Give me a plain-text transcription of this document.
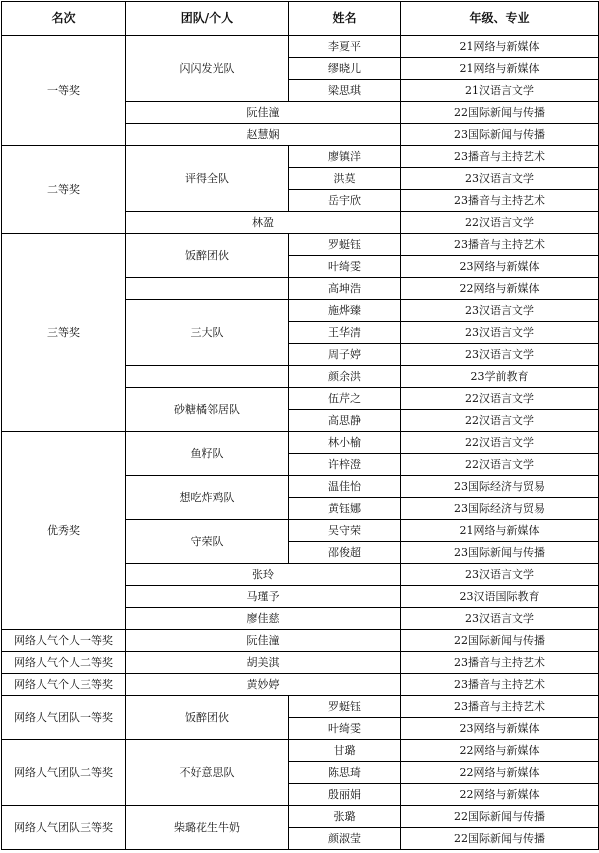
名次	团队/个人	姓名	年级、专业
一等奖	闪闪发光队	李夏平	21网络与新媒体
		缪晓儿	21网络与新媒体
		梁思琪	21汉语言文学
	阮佳潼		22国际新闻与传播
	赵慧娴		23国际新闻与传播
二等奖	评得全队	廖镇洋	23播音与主持艺术
		洪莫	23汉语言文学
		岳宇欣	23播音与主持艺术
	林盈		22汉语言文学
三等奖	饭醉团伙	罗蜓钰	23播音与主持艺术
		叶绮雯	23网络与新媒体
		高坤浩	22网络与新媒体
	三大队	施烨臻	23汉语言文学
		王华清	23汉语言文学
		周子婷	23汉语言文学
		颜余洪	23学前教育
	砂糖橘邻居队	伍芹之	22汉语言文学
		高思静	22汉语言文学
优秀奖	鱼籽队	林小榆	22汉语言文学
		许梓澄	22汉语言文学
	想吃炸鸡队	温佳怡	23国际经济与贸易
		黄钰娜	23国际经济与贸易
	守荣队	吴守荣	21网络与新媒体
		邵俊超	23国际新闻与传播
	张玲		23汉语言文学
	马瑾予		23汉语国际教育
	廖佳慈		23汉语言文学
网络人气个人一等奖	阮佳潼		22国际新闻与传播
网络人气个人二等奖	胡美淇		23播音与主持艺术
网络人气个人三等奖	黄妙婷		23播音与主持艺术
网络人气团队一等奖	饭醉团伙	罗蜓钰	23播音与主持艺术
		叶绮雯	23网络与新媒体
网络人气团队二等奖	不好意思队	甘璐	22网络与新媒体
		陈思琦	22网络与新媒体
		殷丽娟	22网络与新媒体
网络人气团队三等奖	柴璐花生牛奶	张璐	22国际新闻与传播
		颜淑莹	22国际新闻与传播
